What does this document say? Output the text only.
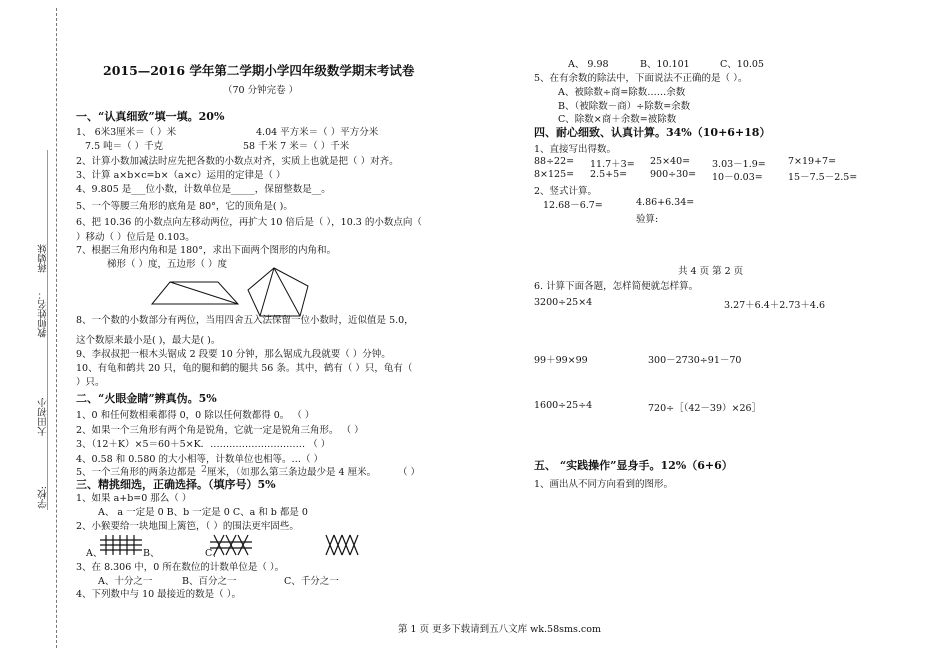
学校:
大田初小
教师姓名：
蒋婧妹
2015—2016 学年第二学期小学四年级数学期末考试卷
（70 分钟完卷 ）
一、“认真细致”填一填。20%
1、 6米3厘米＝（ ）米	4.04 平方米＝（ ）平方分米
7.5 吨＝（ ）千克	58 千米 7 米＝（ ）千米
2、计算小数加减法时应先把各数的小数点对齐，实质上也就是把（ ）对齐。
3、计算 a×b×c=b×（a×c）运用的定律是（ ）
4、9.805 是___位小数，计数单位是_____，保留整数是__。
5、一个等腰三角形的底角是 80°，它的顶角是( )。
6、把 10.36 的小数点向左移动两位，再扩大 10 倍后是（ ），10.3 的小数点向（
）移动（ ）位后是 0.103。
7、根据三角形内角和是 180°，求出下面两个图形的内角和。
梯形（ ）度，五边形（ ）度
8、一个数的小数部分有两位，当用四舍五入法保留一位小数时，近似值是 5.0，
这个数原来最小是( )，最大是( )。
9、李叔叔把一根木头锯成 2 段要 10 分钟，那么锯成九段就要（ ）分钟。
10、有龟和鹤共 20 只，龟的腿和鹤的腿共 56 条。其中，鹤有（ ）只，龟有（
）只。
二、“火眼金睛”辨真伪。5%
1、0 和任何数相乘都得 0，0 除以任何数都得 0。 （ ）
2、如果一个三角形有两个角是锐角，它就一定是锐角三角形。 （ ）
3、（12＋K）×5＝60＋5×K．………………………… （ ）
4、0.58 和 0.580 的大小相等，计数单位也相等。…（ ）
5、一个三角形的两条边都是 2 厘米，
（如 那么第三条边最少是 4 厘米。 （ ）
三、精挑细选，正确选择。（填序号）5%
1、如果 a+b=0 那么（ ）
A、 a 一定是 0 B、b 一定是 0 C、a 和 b 都是 0
2、小猴要给一块地围上篱笆，（ ）的围法更牢固些。
A、	B、	C、
3、在 8.306 中，0 所在数位的计数单位是（ ）。
A、十分之一	B、百分之一	C、千分之一
4、下列数中与 10 最接近的数是（ ）。
A、 9.98	B、10.101	C、10.05
5、在有余数的除法中，下面说法不正确的是（ ）。
A、被除数÷商=除数……余数
B、（被除数－商）÷除数=余数
C、除数×商＋余数=被除数
四、耐心细致、认真计算。34%（10+6+18）
1、直接写出得数。
88÷22= 11.7＋3= 25×40= 3.03－1.9= 7×19+7=
8×125= 2.5+5= 900÷30= 10－0.03=	15－7.5－2.5=
2、竖式计算。
12.68－6.7=	4.86+6.34=
验算:
共 4 页 第 2 页
6. 计算下面各题，怎样简便就怎样算。
3200÷25×4	3.27＋6.4＋2.73＋4.6
99＋99×99	300－2730÷91－70
1600÷25÷4	720÷［（42－39）×26］
五、 “实践操作”显身手。12%（6+6）
1、画出从不同方向看到的图形。
第 1 页 更多下载请到五八文库 wk.58sms.com
